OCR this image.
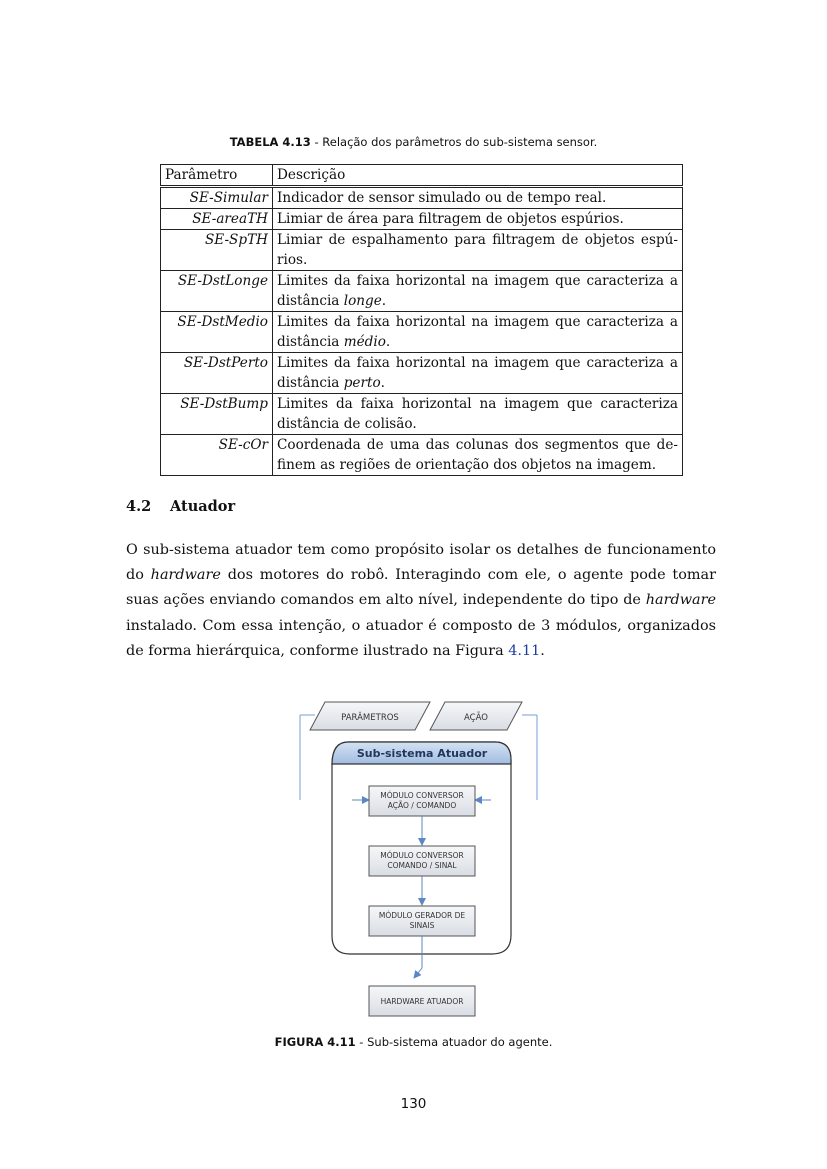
TABELA 4.13 - Relação dos parâmetros do sub-sistema sensor.
Parâmetro	Descrição
SE-Simular	Indicador de sensor simulado ou de tempo real.
SE-areaTH	Limiar de área para filtragem de objetos espúrios.
SE-SpTH	Limiar de espalhamento para filtragem de objetos espú-rios.
SE-DstLonge	Limites da faixa horizontal na imagem que caracteriza a distância longe.
SE-DstMedio	Limites da faixa horizontal na imagem que caracteriza a distância médio.
SE-DstPerto	Limites da faixa horizontal na imagem que caracteriza a distância perto.
SE-DstBump	Limites da faixa horizontal na imagem que caracteriza distância de colisão.
SE-cOr	Coordenada de uma das colunas dos segmentos que de-finem as regiões de orientação dos objetos na imagem.
4.2 Atuador
O sub-sistema atuador tem como propósito isolar os detalhes de funcionamento do hardware dos motores do robô. Interagindo com ele, o agente pode tomar suas ações enviando comandos em alto nível, independente do tipo de hardware instalado. Com essa intenção, o atuador é composto de 3 módulos, organizados de forma hierárquica, conforme ilustrado na Figura 4.11.
PARÂMETROS	AÇÃO
Sub-sistema Atuador
MÓDULO CONVERSOR
AÇÃO / COMANDO
MÓDULO CONVERSOR
COMANDO / SINAL
MÓDULO GERADOR DE
SINAIS
HARDWARE ATUADOR
FIGURA 4.11 - Sub-sistema atuador do agente.
130
